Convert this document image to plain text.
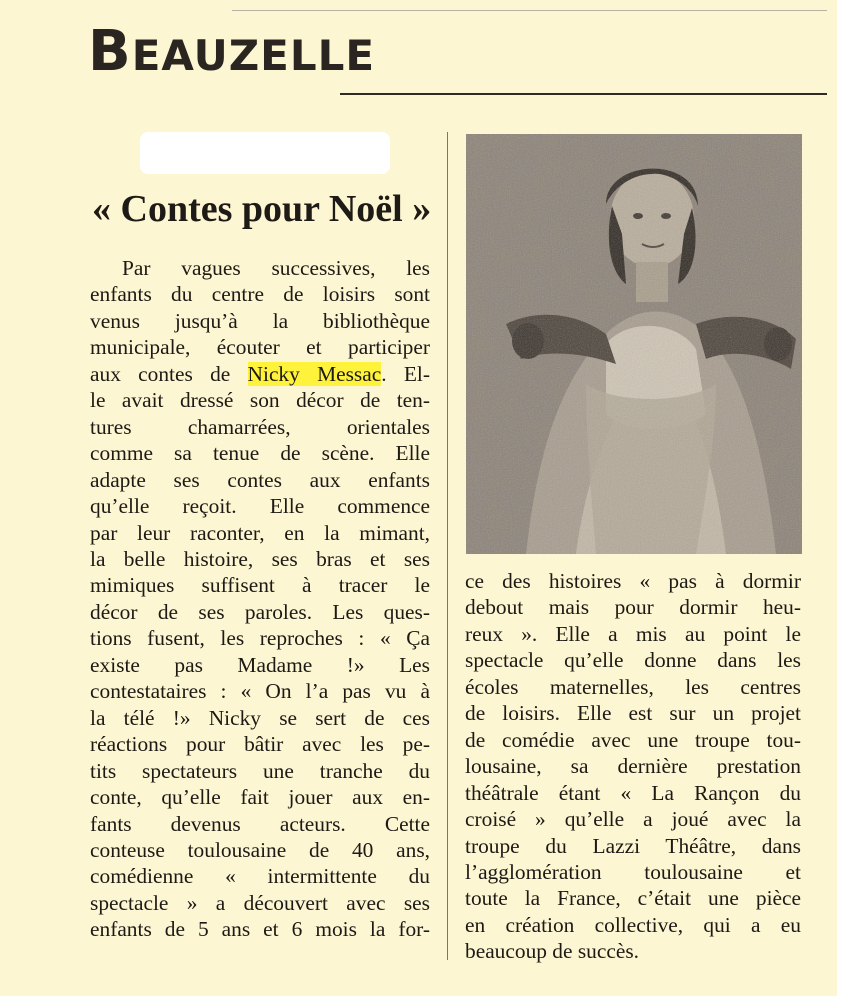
BEAUZELLE
« Contes pour Noël »
Par vagues successives, les
enfants du centre de loisirs sont
venus jusqu’à la bibliothèque
municipale, écouter et participer
aux contes de Nicky Messac. El-
le avait dressé son décor de ten-
tures chamarrées, orientales
comme sa tenue de scène. Elle
adapte ses contes aux enfants
qu’elle reçoit. Elle commence
par leur raconter, en la mimant,
la belle histoire, ses bras et ses
mimiques suffisent à tracer le
décor de ses paroles. Les ques-
tions fusent, les reproches : « Ça
existe pas Madame !» Les
contestataires : « On l’a pas vu à
la télé !» Nicky se sert de ces
réactions pour bâtir avec les pe-
tits spectateurs une tranche du
conte, qu’elle fait jouer aux en-
fants devenus acteurs. Cette
conteuse toulousaine de 40 ans,
comédienne « intermittente du
spectacle » a découvert avec ses
enfants de 5 ans et 6 mois la for-
ce des histoires « pas à dormir
debout mais pour dormir heu-
reux ». Elle a mis au point le
spectacle qu’elle donne dans les
écoles maternelles, les centres
de loisirs. Elle est sur un projet
de comédie avec une troupe tou-
lousaine, sa dernière prestation
théâtrale étant « La Rançon du
croisé » qu’elle a joué avec la
troupe du Lazzi Théâtre, dans
l’agglomération toulousaine et
toute la France, c’était une pièce
en création collective, qui a eu
beaucoup de succès.
